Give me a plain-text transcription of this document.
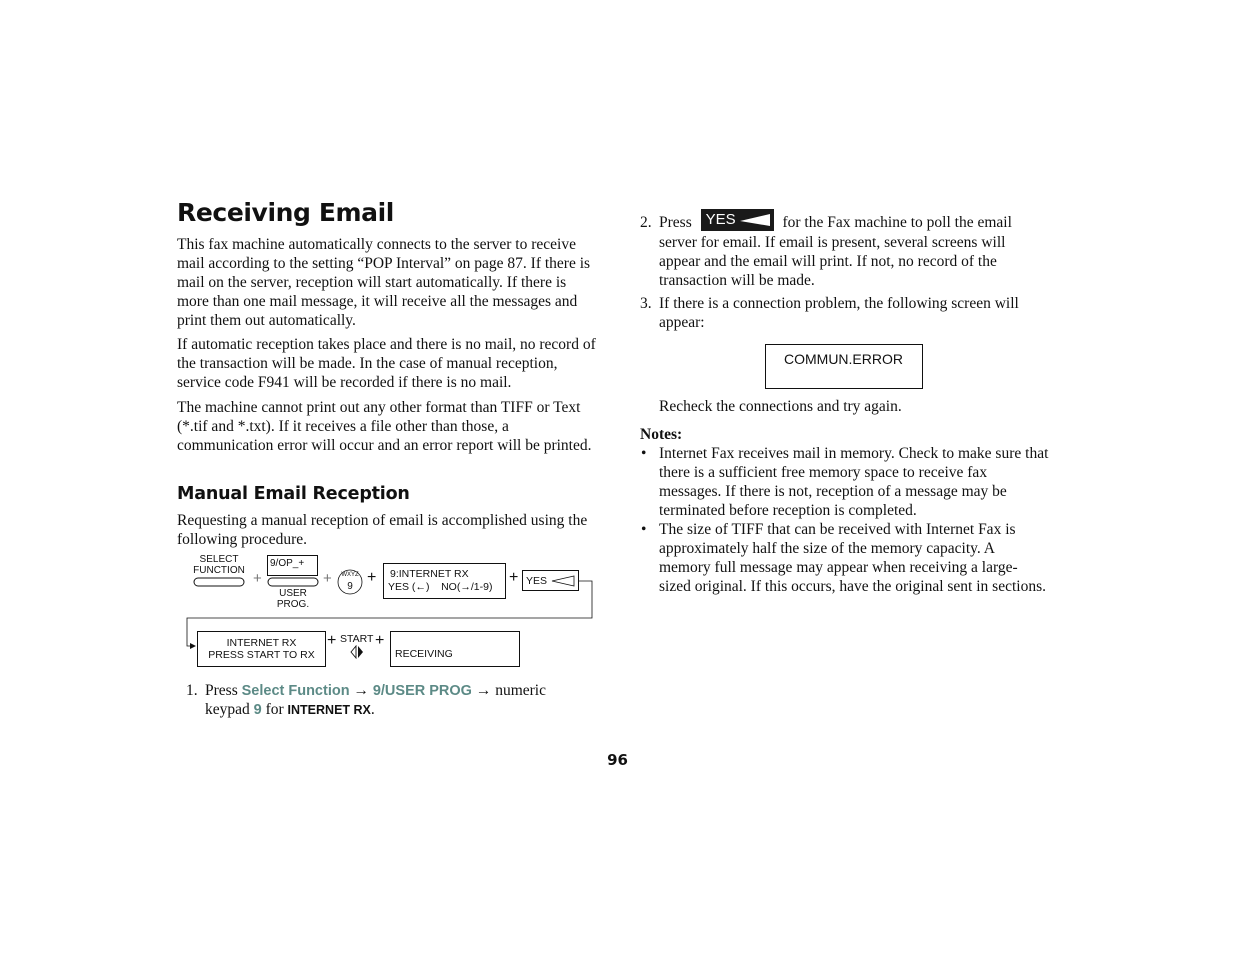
Receiving Email

This fax machine automatically connects to the server to receive mail according to the setting “POP Interval” on page 87. If there is mail on the server, reception will start automatically. If there is more than one mail message, it will receive all the messages and print them out automatically.

If automatic reception takes place and there is no mail, no record of the transaction will be made. In the case of manual reception, service code F941 will be recorded if there is no mail.

The machine cannot print out any other format than TIFF or Text (*.tif and *.txt). If it receives a file other than those, a communication error will occur and an error report will be printed.

Manual Email Reception

Requesting a manual reception of email is accomplished using the following procedure.

SELECT
FUNCTION
9/OP_+
USER
PROG.
+	+	WXYZ
9
+ 9:INTERNET RX
YES (←)    NO(→/1-9)
+ YES
INTERNET RX
PRESS START TO RX
+ START +
RECEIVING
1. Press Select Function → 9/USER PROG → numeric
keypad 9 for INTERNET RX.
2. Press YES	for the Fax machine to poll the email

server for email. If email is present, several screens will appear and the email will print. If not, no record of the transaction will be made.

3. If there is a connection problem, the following screen will appear:

COMMUN.ERROR

Recheck the connections and try again.

Notes:

• Internet Fax receives mail in memory. Check to make sure that there is a sufficient free memory space to receive fax messages. If there is not, reception of a message may be terminated before reception is completed.

• The size of TIFF that can be received with Internet Fax is approximately half the size of the memory capacity. A memory full message may appear when receiving a large-sized original. If this occurs, have the original sent in sections.

96
